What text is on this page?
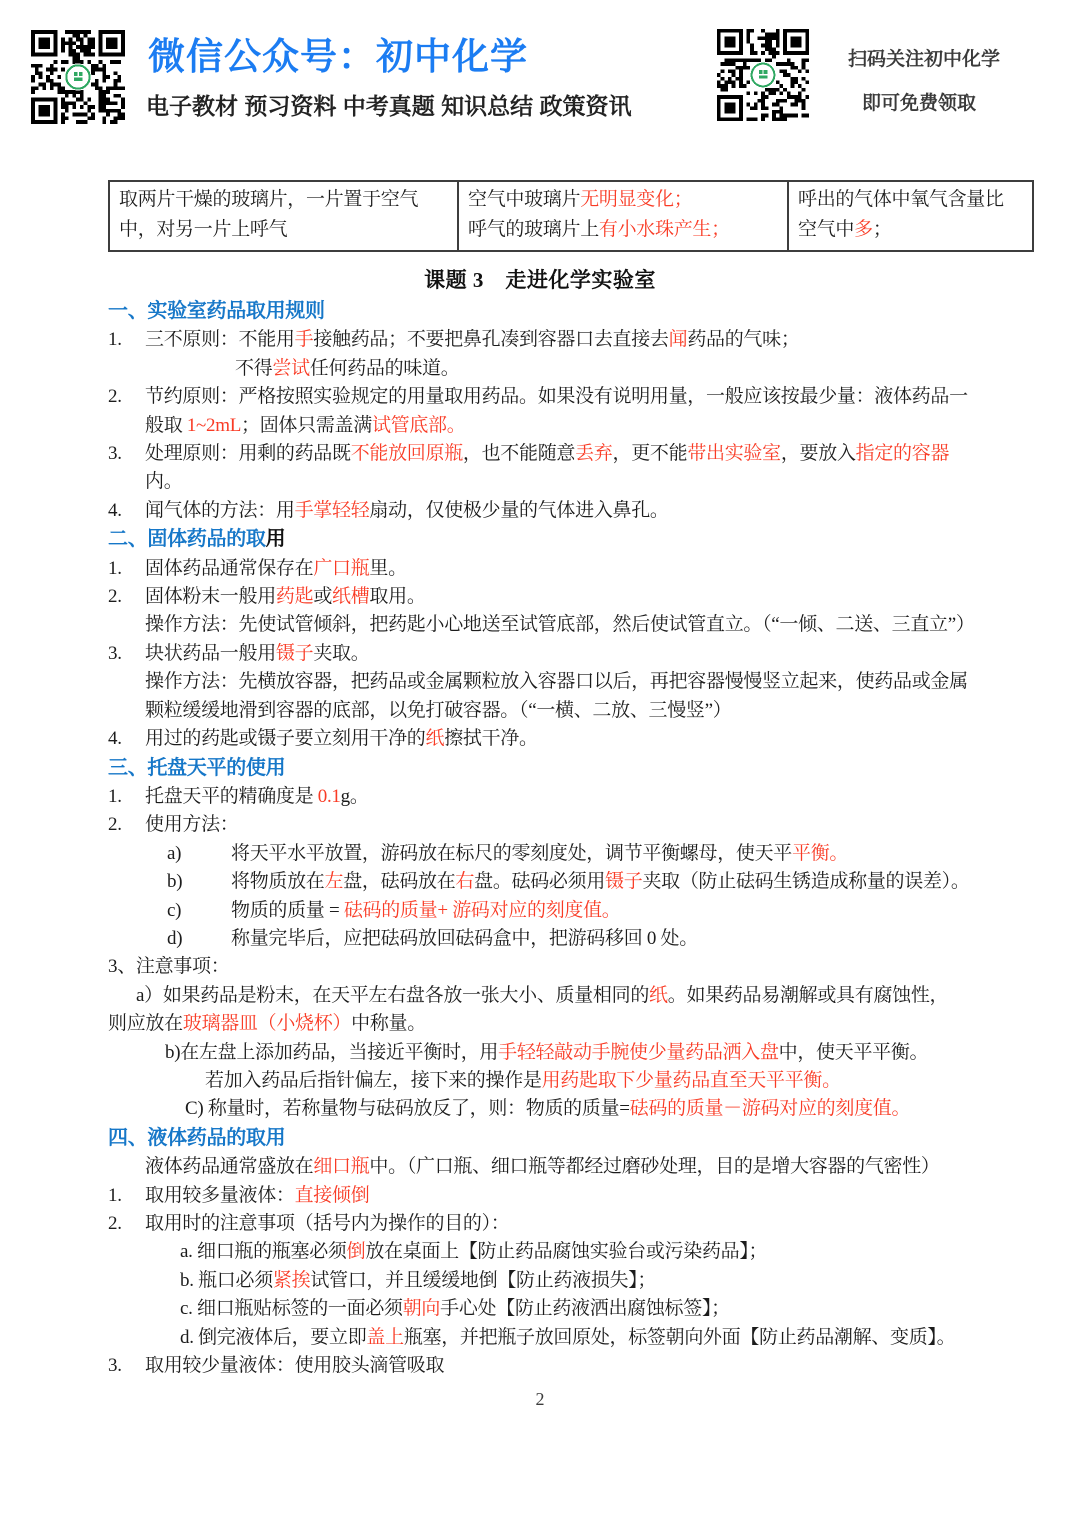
微信公众号：初中化学
电子教材 预习资料 中考真题 知识总结 政策资讯
扫码关注初中化学
即可免费领取
取两片干燥的玻璃片，一片置于空气
中，对另一片上呼气

空气中玻璃片无明显变化；
呼气的玻璃片上有小水珠产生；

呼出的气体中氧气含量比
空气中多；
课题 3　走进化学实验室
一、实验室药品取用规则
1. 三不原则：不能用手接触药品；不要把鼻孔凑到容器口去直接去闻药品的气味；
不得尝试任何药品的味道。
2. 节约原则：严格按照实验规定的用量取用药品。如果没有说明用量，一般应该按最少量：液体药品一
般取 1~2mL；固体只需盖满试管底部。
3. 处理原则：用剩的药品既不能放回原瓶，也不能随意丢弃，更不能带出实验室，要放入指定的容器
内。
4. 闻气体的方法：用手掌轻轻扇动，仅使极少量的气体进入鼻孔。
二、固体药品的取用
1. 固体药品通常保存在广口瓶里。
2. 固体粉末一般用药匙或纸槽取用。
操作方法：先使试管倾斜，把药匙小心地送至试管底部，然后使试管直立。（“一倾、二送、三直立”）
3. 块状药品一般用镊子夹取。
操作方法：先横放容器，把药品或金属颗粒放入容器口以后，再把容器慢慢竖立起来，使药品或金属
颗粒缓缓地滑到容器的底部，以免打破容器。（“一横、二放、三慢竖”）
4. 用过的药匙或镊子要立刻用干净的纸擦拭干净。
三、托盘天平的使用
1. 托盘天平的精确度是 0.1g。
2. 使用方法：
a)	将天平水平放置，游码放在标尺的零刻度处，调节平衡螺母，使天平平衡。
b)	将物质放在左盘，砝码放在右盘。砝码必须用镊子夹取（防止砝码生锈造成称量的误差）。
c)	物质的质量 = 砝码的质量+ 游码对应的刻度值。
d)	称量完毕后，应把砝码放回砝码盒中，把游码移回 0 处。
3、注意事项：
a）如果药品是粉末，在天平左右盘各放一张大小、质量相同的纸。如果药品易潮解或具有腐蚀性，
则应放在玻璃器皿（小烧杯）中称量。
b)在左盘上添加药品，当接近平衡时，用手轻轻敲动手腕使少量药品洒入盘中，使天平平衡。
若加入药品后指针偏左，接下来的操作是用药匙取下少量药品直至天平平衡。
C) 称量时，若称量物与砝码放反了，则：物质的质量=砝码的质量－游码对应的刻度值。
四、液体药品的取用
液体药品通常盛放在细口瓶中。（广口瓶、细口瓶等都经过磨砂处理，目的是增大容器的气密性）
1. 取用较多量液体：直接倾倒
2. 取用时的注意事项（括号内为操作的目的）：
a. 细口瓶的瓶塞必须倒放在桌面上【防止药品腐蚀实验台或污染药品】；
b. 瓶口必须紧挨试管口，并且缓缓地倒【防止药液损失】；
c. 细口瓶贴标签的一面必须朝向手心处【防止药液洒出腐蚀标签】；
d. 倒完液体后，要立即盖上瓶塞，并把瓶子放回原处，标签朝向外面【防止药品潮解、变质】。
3. 取用较少量液体：使用胶头滴管吸取
2
